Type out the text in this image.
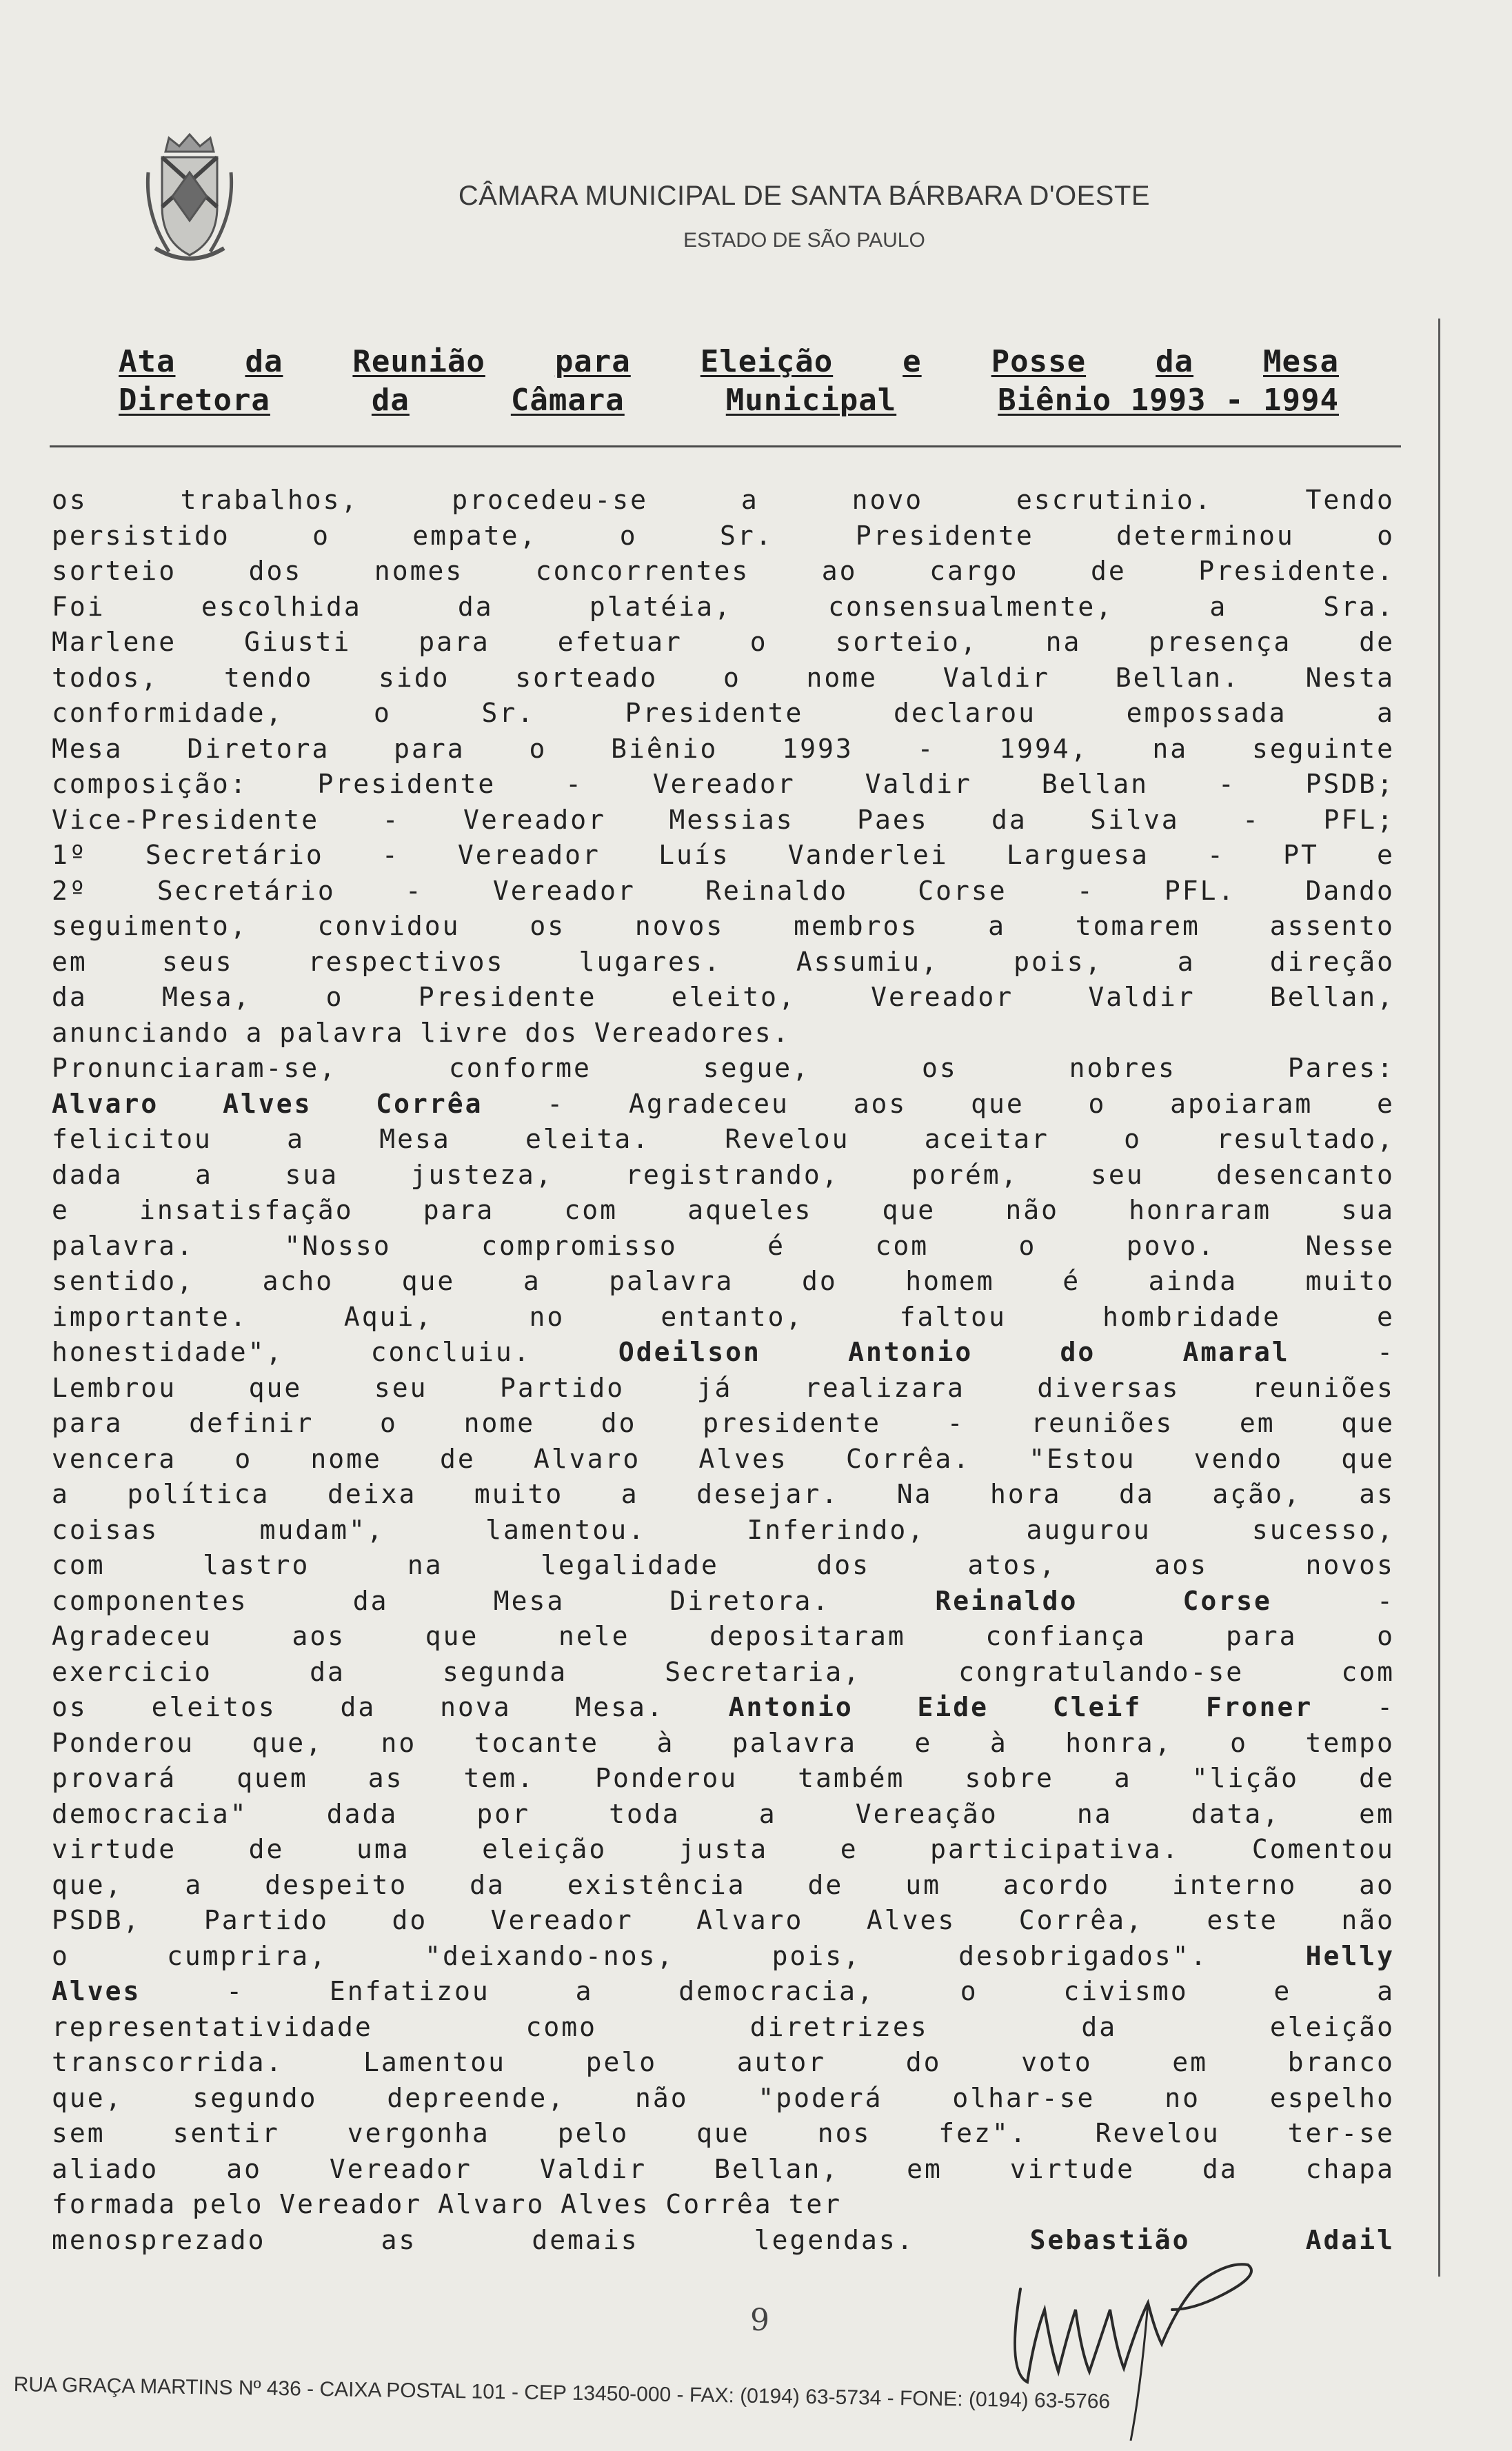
CÂMARA MUNICIPAL DE SANTA BÁRBARA D'OESTE
ESTADO DE SÃO PAULO
Ata da Reunião para Eleição e Posse da Mesa
Diretora	da	Câmara	Municipal	Biênio 1993 - 1994
os	trabalhos,	procedeu-se	a	novo	escrutinio.	Tendo
persistido	o	empate,	o	Sr.	Presidente	determinou	o
sorteio	dos	nomes	concorrentes	ao	cargo	de	Presidente.
Foi	escolhida	da	platéia,	consensualmente,	a	Sra.
Marlene	Giusti	para	efetuar	o	sorteio,	na	presença	de
todos, tendo sido sorteado o nome Valdir Bellan. Nesta
conformidade,	o	Sr.	Presidente	declarou	empossada	a
Mesa Diretora para o Biênio 1993 - 1994, na seguinte
composição:	Presidente	-	Vereador	Valdir	Bellan	-	PSDB;
Vice-Presidente - Vereador Messias Paes da Silva - PFL;
1º Secretário - Vereador Luís Vanderlei Larguesa - PT e
2º	Secretário	-	Vereador	Reinaldo	Corse	-	PFL.	Dando
seguimento,	convidou	os	novos	membros	a	tomarem	assento
em	seus	respectivos	lugares.	Assumiu,	pois,	a	direção
da	Mesa,	o	Presidente	eleito,	Vereador	Valdir	Bellan,
anunciando a palavra livre dos Vereadores.
Pronunciaram-se,	conforme	segue,	os	nobres	Pares:
Alvaro Alves Corrêa - Agradeceu aos que o apoiaram e
felicitou	a	Mesa	eleita.	Revelou	aceitar	o	resultado,
dada	a	sua	justeza,	registrando,	porém,	seu	desencanto
e	insatisfação	para	com	aqueles	que	não	honraram	sua
palavra.	"Nosso	compromisso	é	com	o	povo.	Nesse
sentido,	acho	que	a	palavra	do	homem	é	ainda	muito
importante.	Aqui,	no	entanto,	faltou	hombridade	e
honestidade",	concluiu.	Odeilson	Antonio	do	Amaral	-
Lembrou	que	seu	Partido	já	realizara	diversas	reuniões
para	definir	o	nome	do	presidente	-	reuniões	em	que
vencera o nome de Alvaro Alves Corrêa. "Estou vendo que
a política deixa muito a desejar. Na hora da ação, as
coisas	mudam",	lamentou.	Inferindo,	augurou	sucesso,
com	lastro	na	legalidade	dos	atos,	aos	novos
componentes	da	Mesa	Diretora.	Reinaldo	Corse	-
Agradeceu	aos	que	nele	depositaram	confiança	para	o
exercicio	da	segunda	Secretaria,	congratulando-se	com
os eleitos da nova Mesa. Antonio Eide Cleif Froner -
Ponderou que, no tocante à palavra e à honra, o tempo
provará quem as tem. Ponderou também sobre a "lição de
democracia"	dada	por	toda	a	Vereação	na	data,	em
virtude	de	uma	eleição	justa	e	participativa.	Comentou
que, a despeito da existência de um acordo interno ao
PSDB, Partido do Vereador Alvaro Alves Corrêa, este não
o	cumprira,	"deixando-nos,	pois,	desobrigados".	Helly
Alves	-	Enfatizou	a	democracia,	o	civismo	e	a
representatividade	como	diretrizes	da	eleição
transcorrida.	Lamentou	pelo	autor	do	voto	em	branco
que,	segundo	depreende,	não	"poderá	olhar-se	no	espelho
sem	sentir	vergonha	pelo	que	nos	fez".	Revelou	ter-se
aliado	ao	Vereador	Valdir	Bellan,	em	virtude	da	chapa
formada pelo Vereador Alvaro Alves Corrêa ter
menosprezado	as	demais	legendas.	Sebastião	Adail
9
RUA GRAÇA MARTINS Nº 436 - CAIXA POSTAL 101 - CEP 13450-000 - FAX: (0194) 63-5734 - FONE: (0194) 63-5766
